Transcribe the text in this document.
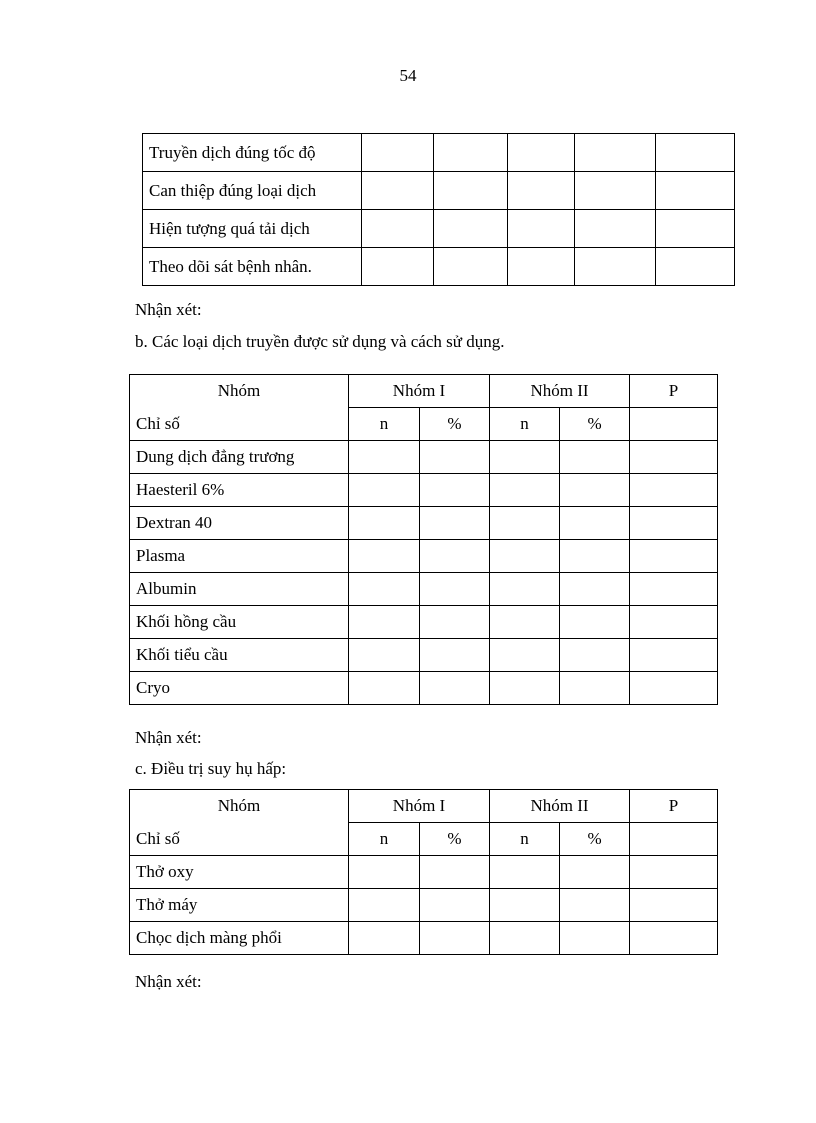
54
Truyền dịch đúng tốc độ					
Can thiệp đúng loại dịch					
Hiện tượng quá tải dịch					
Theo dõi sát bệnh nhân.					
Nhận xét:
b. Các loại dịch truyền được sử dụng và cách sử dụng.
Nhóm	Nhóm I		Nhóm II		P
Chỉ số	n	%	n	%	
Dung dịch đẳng trương					
Haesteril 6%					
Dextran 40					
Plasma					
Albumin					
Khối hồng cầu					
Khối tiểu cầu					
Cryo					
Nhận xét:
c. Điều trị suy hụ hấp:
Nhóm	Nhóm I		Nhóm II		P
Chỉ số	n	%	n	%	
Thở oxy					
Thở máy					
Chọc dịch màng phổi					
Nhận xét:
